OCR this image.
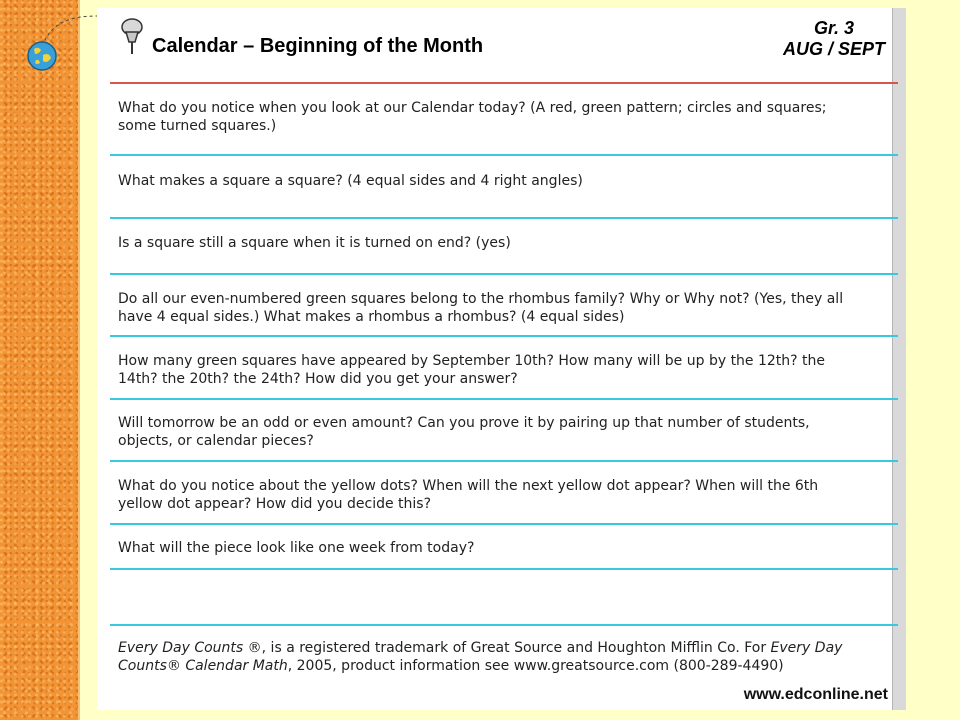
Calendar – Beginning of the Month
Gr. 3
AUG / SEPT
What do you notice when you look at our Calendar today? (A red, green pattern; circles and squares;
some turned squares.)
What makes a square a square? (4 equal sides and 4 right angles)
Is a square still a square when it is turned on end? (yes)
Do all our even-numbered green squares belong to the rhombus family? Why or Why not? (Yes, they all
have 4 equal sides.) What makes a rhombus a rhombus? (4 equal sides)
How many green squares have appeared by September 10th? How many will be up by the 12th? the
14th? the 20th? the 24th? How did you get your answer?
Will tomorrow be an odd or even amount? Can you prove it by pairing up that number of students,
objects, or calendar pieces?
What do you notice about the yellow dots? When will the next yellow dot appear? When will the 6th
yellow dot appear? How did you decide this?
What will the piece look like one week from today?
Every Day Counts ®, is a registered trademark of Great Source and Houghton Mifflin Co. For Every Day
Counts® Calendar Math, 2005, product information see www.greatsource.com (800-289-4490)
www.edconline.net
